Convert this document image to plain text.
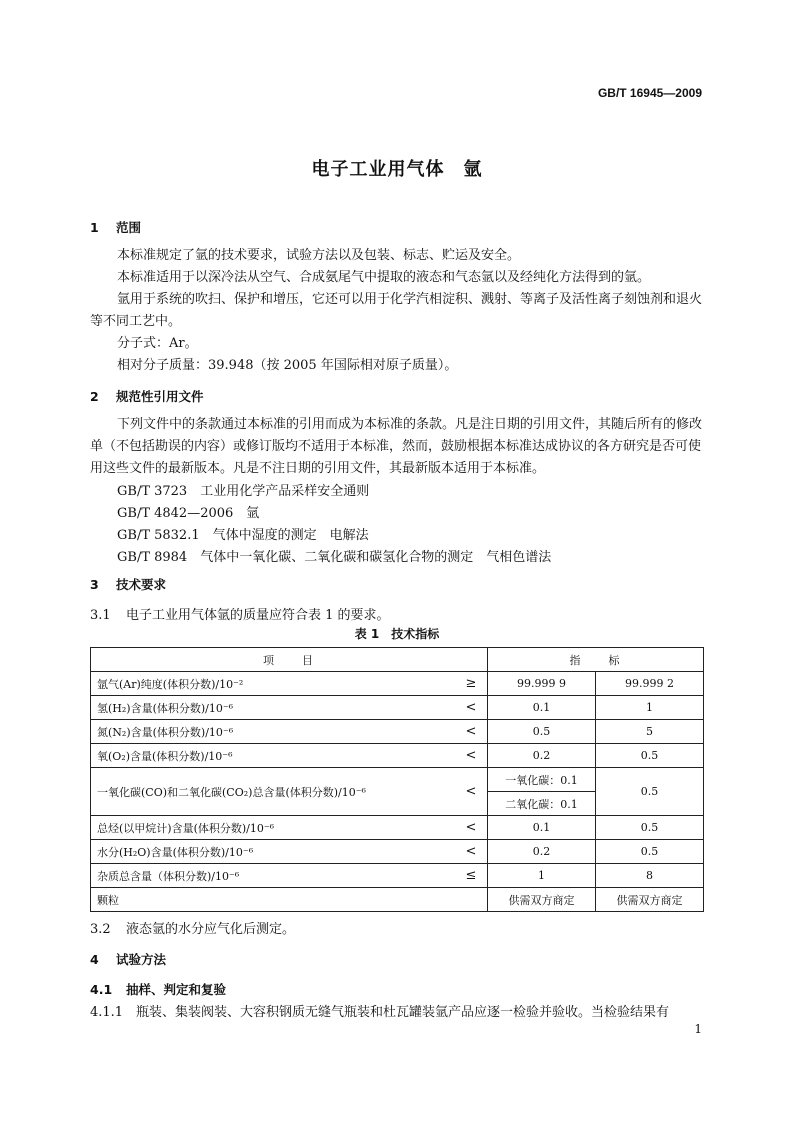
GB/T 16945—2009
电子工业用气体　氩
1 范围
本标准规定了氩的技术要求，试验方法以及包装、标志、贮运及安全。
本标准适用于以深冷法从空气、合成氨尾气中提取的液态和气态氩以及经纯化方法得到的氩。
氩用于系统的吹扫、保护和增压，它还可以用于化学汽相淀积、溅射、等离子及活性离子刻蚀剂和退火等不同工艺中。
分子式：Ar。
相对分子质量：39.948（按 2005 年国际相对原子质量）。
2 规范性引用文件
下列文件中的条款通过本标准的引用而成为本标准的条款。凡是注日期的引用文件，其随后所有的修改单（不包括勘误的内容）或修订版均不适用于本标准，然而，鼓励根据本标准达成协议的各方研究是否可使用这些文件的最新版本。凡是不注日期的引用文件，其最新版本适用于本标准。
GB/T 3723　工业用化学产品采样安全通则
GB/T 4842—2006　氩
GB/T 5832.1　气体中湿度的测定　电解法
GB/T 8984　气体中一氧化碳、二氧化碳和碳氢化合物的测定　气相色谱法
3 技术要求
3.1 电子工业用气体氩的质量应符合表 1 的要求。
表 1　技术指标
项　　目		指　　标	
氩气(Ar)纯度(体积分数)/10⁻²	≥	99.999 9	99.999 2
氢(H₂)含量(体积分数)/10⁻⁶	<	0.1	1
氮(N₂)含量(体积分数)/10⁻⁶	<	0.5	5
氧(O₂)含量(体积分数)/10⁻⁶	<	0.2	0.5
一氧化碳(CO)和二氧化碳(CO₂)总含量(体积分数)/10⁻⁶	<	一氧化碳：0.1	0.5
		二氧化碳：0.1	
总烃(以甲烷计)含量(体积分数)/10⁻⁶	<	0.1	0.5
水分(H₂O)含量(体积分数)/10⁻⁶	<	0.2	0.5
杂质总含量（体积分数)/10⁻⁶	≤	1	8
颗粒		供需双方商定	供需双方商定
3.2 液态氩的水分应气化后测定。
4 试验方法
4.1 抽样、判定和复验
4.1.1 瓶装、集装阀装、大容积钢质无缝气瓶装和杜瓦罐装氩产品应逐一检验并验收。当检验结果有
1
